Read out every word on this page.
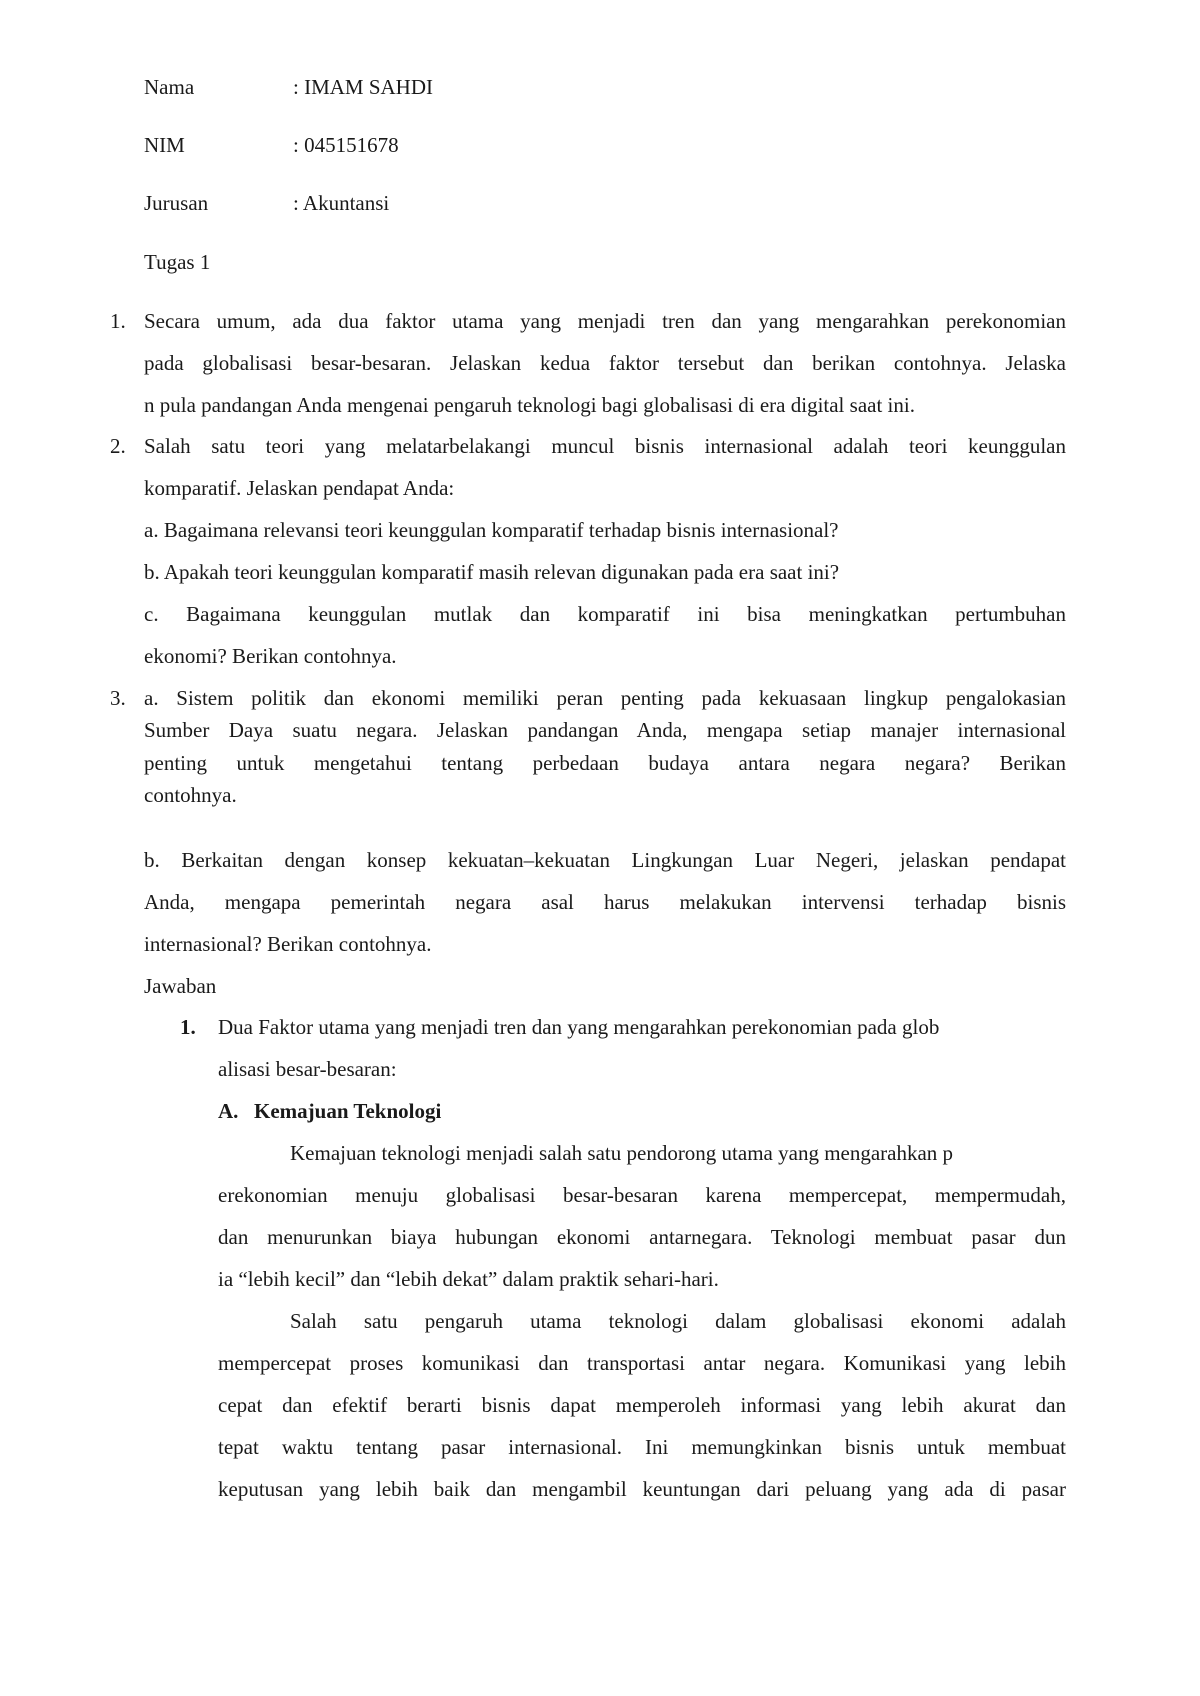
Nama	: IMAM SAHDI
NIM	: 045151678
Jurusan	: Akuntansi
Tugas 1
1. Secara umum, ada dua faktor utama yang menjadi tren dan yang mengarahkan perekonomian
pada globalisasi besar-besaran. Jelaskan kedua faktor tersebut dan berikan contohnya. Jelaska
n pula pandangan Anda mengenai pengaruh teknologi bagi globalisasi di era digital saat ini.
2. Salah satu teori yang melatarbelakangi muncul bisnis internasional adalah teori keunggulan
komparatif. Jelaskan pendapat Anda:
a. Bagaimana relevansi teori keunggulan komparatif terhadap bisnis internasional?
b. Apakah teori keunggulan komparatif masih relevan digunakan pada era saat ini?
c. Bagaimana keunggulan mutlak dan komparatif ini bisa meningkatkan pertumbuhan
ekonomi? Berikan contohnya.
3. a. Sistem politik dan ekonomi memiliki peran penting pada kekuasaan lingkup pengalokasian
Sumber Daya suatu negara. Jelaskan pandangan Anda, mengapa setiap manajer internasional
penting untuk mengetahui tentang perbedaan budaya antara negara negara? Berikan
contohnya.
b. Berkaitan dengan konsep kekuatan–kekuatan Lingkungan Luar Negeri, jelaskan pendapat
Anda, mengapa pemerintah negara asal harus melakukan intervensi terhadap bisnis
internasional? Berikan contohnya.
Jawaban
1. Dua Faktor utama yang menjadi tren dan yang mengarahkan perekonomian pada glob
alisasi besar-besaran:
A. Kemajuan Teknologi
Kemajuan teknologi menjadi salah satu pendorong utama yang mengarahkan p
erekonomian menuju globalisasi besar-besaran karena mempercepat, mempermudah,
dan menurunkan biaya hubungan ekonomi antarnegara. Teknologi membuat pasar dun
ia “lebih kecil” dan “lebih dekat” dalam praktik sehari-hari.
Salah satu pengaruh utama teknologi dalam globalisasi ekonomi adalah
mempercepat proses komunikasi dan transportasi antar negara. Komunikasi yang lebih
cepat dan efektif berarti bisnis dapat memperoleh informasi yang lebih akurat dan
tepat waktu tentang pasar internasional. Ini memungkinkan bisnis untuk membuat
keputusan yang lebih baik dan mengambil keuntungan dari peluang yang ada di pasar
